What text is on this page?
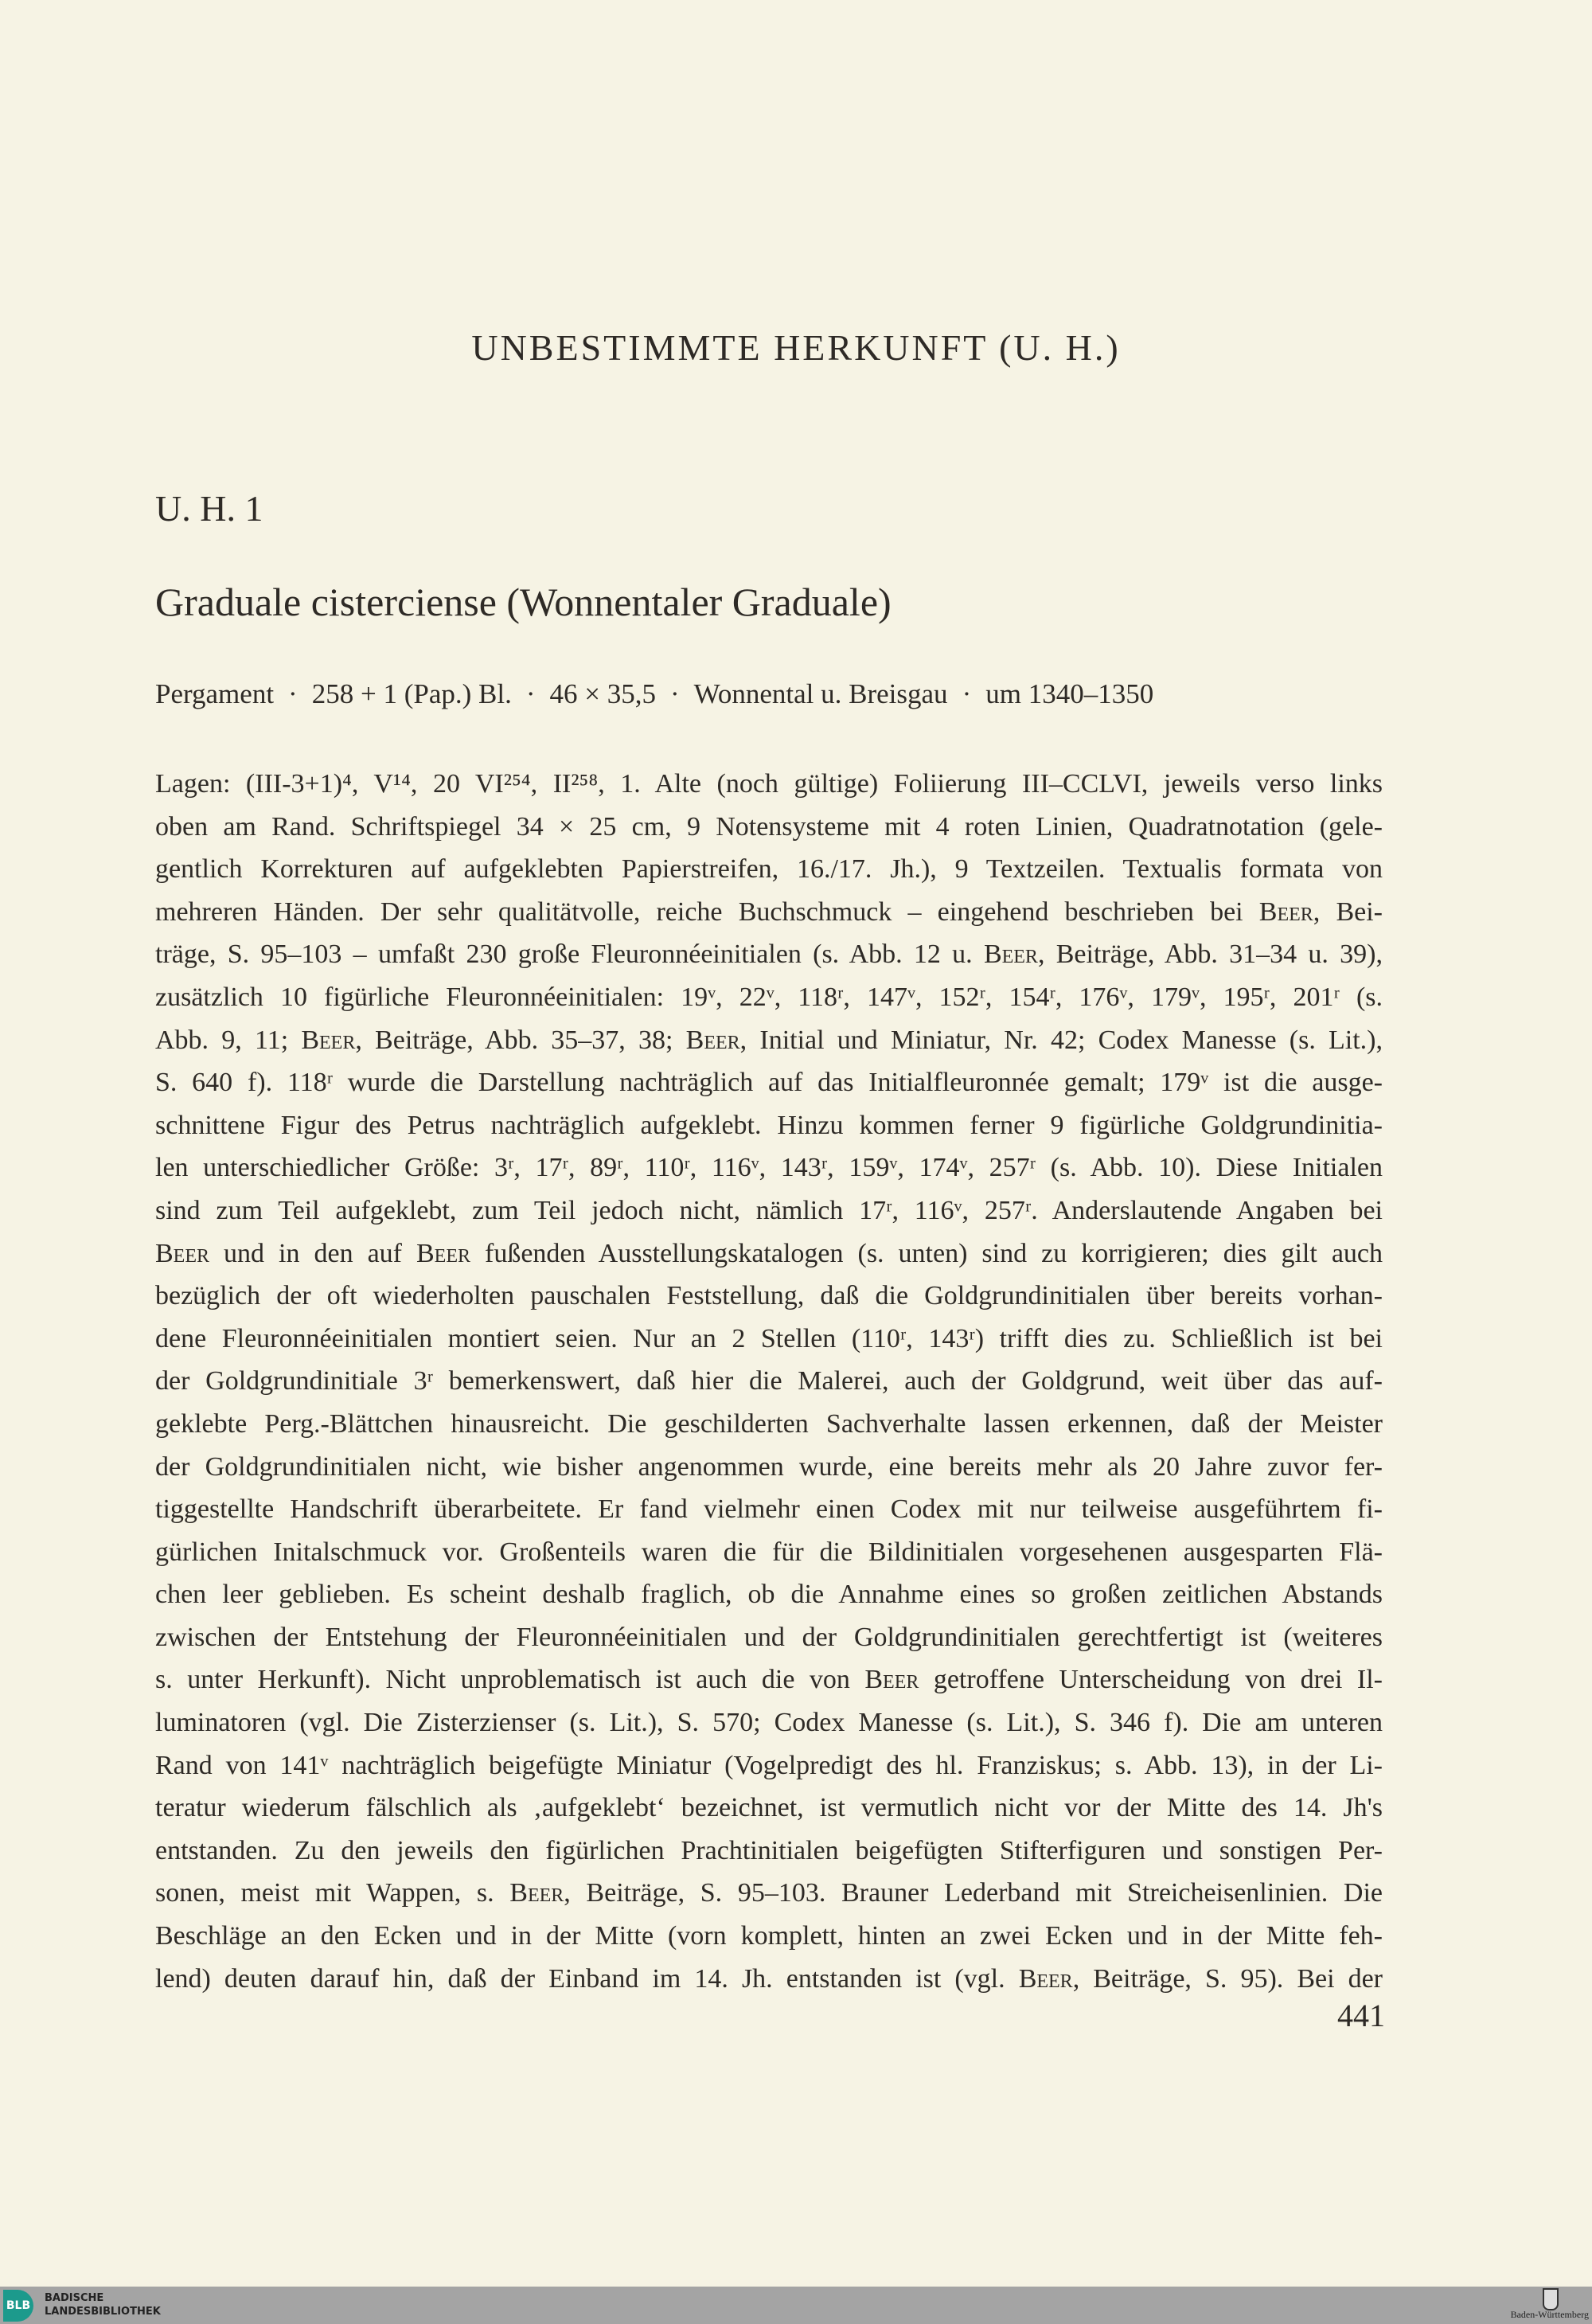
UNBESTIMMTE HERKUNFT (U. H.)
U. H. 1
Graduale cisterciense (Wonnentaler Graduale)
Pergament · 258 + 1 (Pap.) Bl. · 46 × 35,5 · Wonnental u. Breisgau · um 1340–1350
Lagen: (III-3+1)⁴, V¹⁴, 20 VI²⁵⁴, II²⁵⁸, 1. Alte (noch gültige) Foliierung III–CCLVI, jeweils verso links
oben am Rand. Schriftspiegel 34 × 25 cm, 9 Notensysteme mit 4 roten Linien, Quadratnotation (gele-
gentlich Korrekturen auf aufgeklebten Papierstreifen, 16./17. Jh.), 9 Textzeilen. Textualis formata von
mehreren Händen. Der sehr qualitätvolle, reiche Buchschmuck – eingehend beschrieben bei Beer, Bei-
träge, S. 95–103 – umfaßt 230 große Fleuronnéeinitialen (s. Abb. 12 u. Beer, Beiträge, Abb. 31–34 u. 39),
zusätzlich 10 figürliche Fleuronnéeinitialen: 19ᵛ, 22ᵛ, 118ʳ, 147ᵛ, 152ʳ, 154ʳ, 176ᵛ, 179ᵛ, 195ʳ, 201ʳ (s.
Abb. 9, 11; Beer, Beiträge, Abb. 35–37, 38; Beer, Initial und Miniatur, Nr. 42; Codex Manesse (s. Lit.),
S. 640 f). 118ʳ wurde die Darstellung nachträglich auf das Initialfleuronnée gemalt; 179ᵛ ist die ausge-
schnittene Figur des Petrus nachträglich aufgeklebt. Hinzu kommen ferner 9 figürliche Goldgrundinitia-
len unterschiedlicher Größe: 3ʳ, 17ʳ, 89ʳ, 110ʳ, 116ᵛ, 143ʳ, 159ᵛ, 174ᵛ, 257ʳ (s. Abb. 10). Diese Initialen
sind zum Teil aufgeklebt, zum Teil jedoch nicht, nämlich 17ʳ, 116ᵛ, 257ʳ. Anderslautende Angaben bei
Beer und in den auf Beer fußenden Ausstellungskatalogen (s. unten) sind zu korrigieren; dies gilt auch
bezüglich der oft wiederholten pauschalen Feststellung, daß die Goldgrundinitialen über bereits vorhan-
dene Fleuronnéeinitialen montiert seien. Nur an 2 Stellen (110ʳ, 143ʳ) trifft dies zu. Schließlich ist bei
der Goldgrundinitiale 3ʳ bemerkenswert, daß hier die Malerei, auch der Goldgrund, weit über das auf-
geklebte Perg.-Blättchen hinausreicht. Die geschilderten Sachverhalte lassen erkennen, daß der Meister
der Goldgrundinitialen nicht, wie bisher angenommen wurde, eine bereits mehr als 20 Jahre zuvor fer-
tiggestellte Handschrift überarbeitete. Er fand vielmehr einen Codex mit nur teilweise ausgeführtem fi-
gürlichen Initalschmuck vor. Großenteils waren die für die Bildinitialen vorgesehenen ausgesparten Flä-
chen leer geblieben. Es scheint deshalb fraglich, ob die Annahme eines so großen zeitlichen Abstands
zwischen der Entstehung der Fleuronnéeinitialen und der Goldgrundinitialen gerechtfertigt ist (weiteres
s. unter Herkunft). Nicht unproblematisch ist auch die von Beer getroffene Unterscheidung von drei Il-
luminatoren (vgl. Die Zisterzienser (s. Lit.), S. 570; Codex Manesse (s. Lit.), S. 346 f). Die am unteren
Rand von 141ᵛ nachträglich beigefügte Miniatur (Vogelpredigt des hl. Franziskus; s. Abb. 13), in der Li-
teratur wiederum fälschlich als ‚aufgeklebt‘ bezeichnet, ist vermutlich nicht vor der Mitte des 14. Jh's
entstanden. Zu den jeweils den figürlichen Prachtinitialen beigefügten Stifterfiguren und sonstigen Per-
sonen, meist mit Wappen, s. Beer, Beiträge, S. 95–103. Brauner Lederband mit Streicheisenlinien. Die
Beschläge an den Ecken und in der Mitte (vorn komplett, hinten an zwei Ecken und in der Mitte feh-
lend) deuten darauf hin, daß der Einband im 14. Jh. entstanden ist (vgl. Beer, Beiträge, S. 95). Bei der
441
BLB
BADISCHE
LANDESBIBLIOTHEK	Baden-Württemberg
